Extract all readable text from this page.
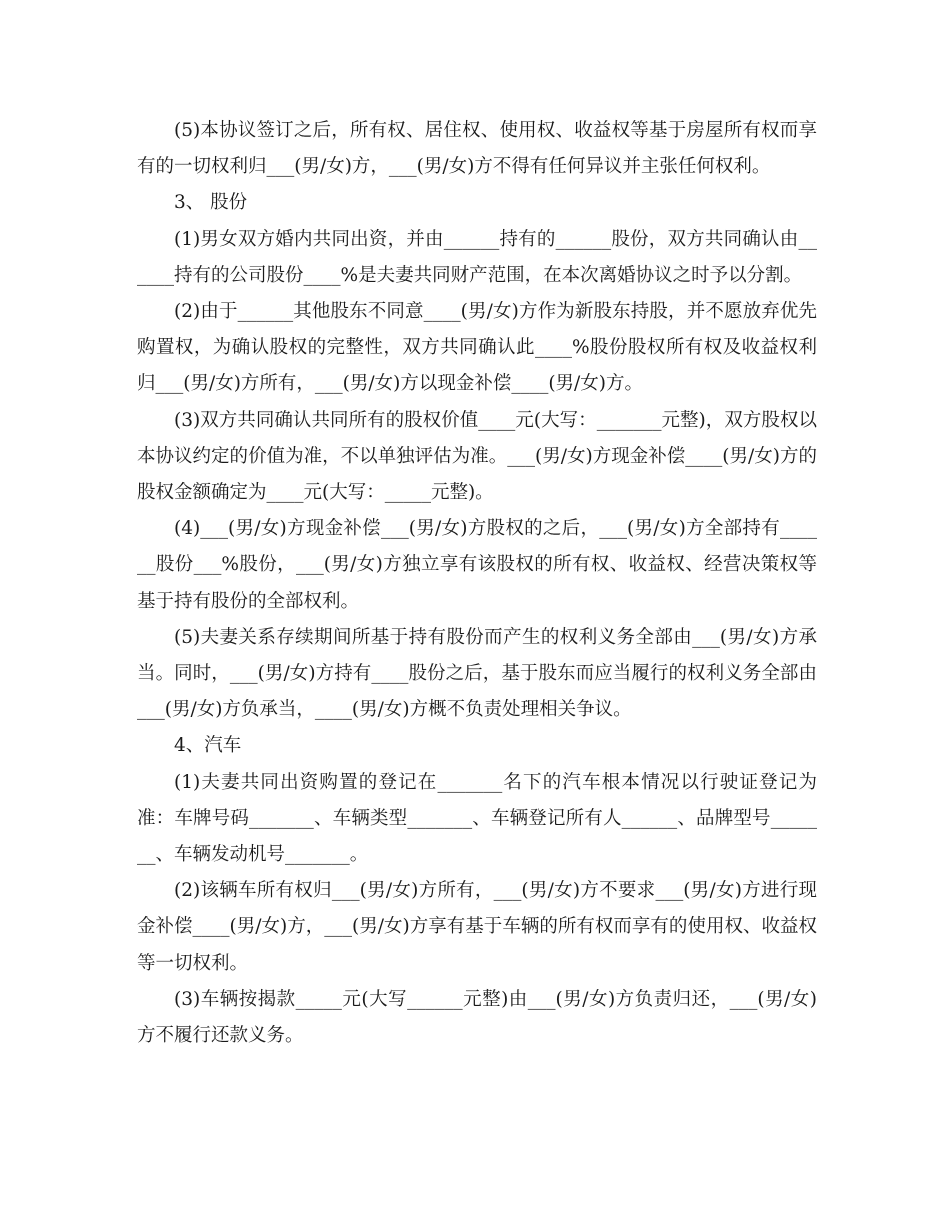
(5)本协议签订之后，所有权、居住权、使用权、收益权等基于房屋所有权而享有的一切权利归___(男/女)方，___(男/女)方不得有任何异议并主张任何权利。

3、 股份

(1)男女双方婚内共同出资，并由______持有的______股份，双方共同确认由______持有的公司股份____%是夫妻共同财产范围，在本次离婚协议之时予以分割。

(2)由于______其他股东不同意____(男/女)方作为新股东持股，并不愿放弃优先购置权，为确认股权的完整性，双方共同确认此____%股份股权所有权及收益权利归___(男/女)方所有，___(男/女)方以现金补偿____(男/女)方。

(3)双方共同确认共同所有的股权价值____元(大写：_______元整)，双方股权以本协议约定的价值为准，不以单独评估为准。___(男/女)方现金补偿____(男/女)方的股权金额确定为____元(大写：_____元整)。

(4)___(男/女)方现金补偿___(男/女)方股权的之后，___(男/女)方全部持有______股份___%股份，___(男/女)方独立享有该股权的所有权、收益权、经营决策权等基于持有股份的全部权利。

(5)夫妻关系存续期间所基于持有股份而产生的权利义务全部由___(男/女)方承当。同时，___(男/女)方持有____股份之后，基于股东而应当履行的权利义务全部由___(男/女)方负承当，____(男/女)方概不负责处理相关争议。

4、汽车

(1)夫妻共同出资购置的登记在_______名下的汽车根本情况以行驶证登记为准：车牌号码_______、车辆类型_______、车辆登记所有人______、品牌型号_______、车辆发动机号_______。

(2)该辆车所有权归___(男/女)方所有，___(男/女)方不要求___(男/女)方进行现金补偿____(男/女)方，___(男/女)方享有基于车辆的所有权而享有的使用权、收益权等一切权利。

(3)车辆按揭款_____元(大写______元整)由___(男/女)方负责归还，___(男/女)方不履行还款义务。
